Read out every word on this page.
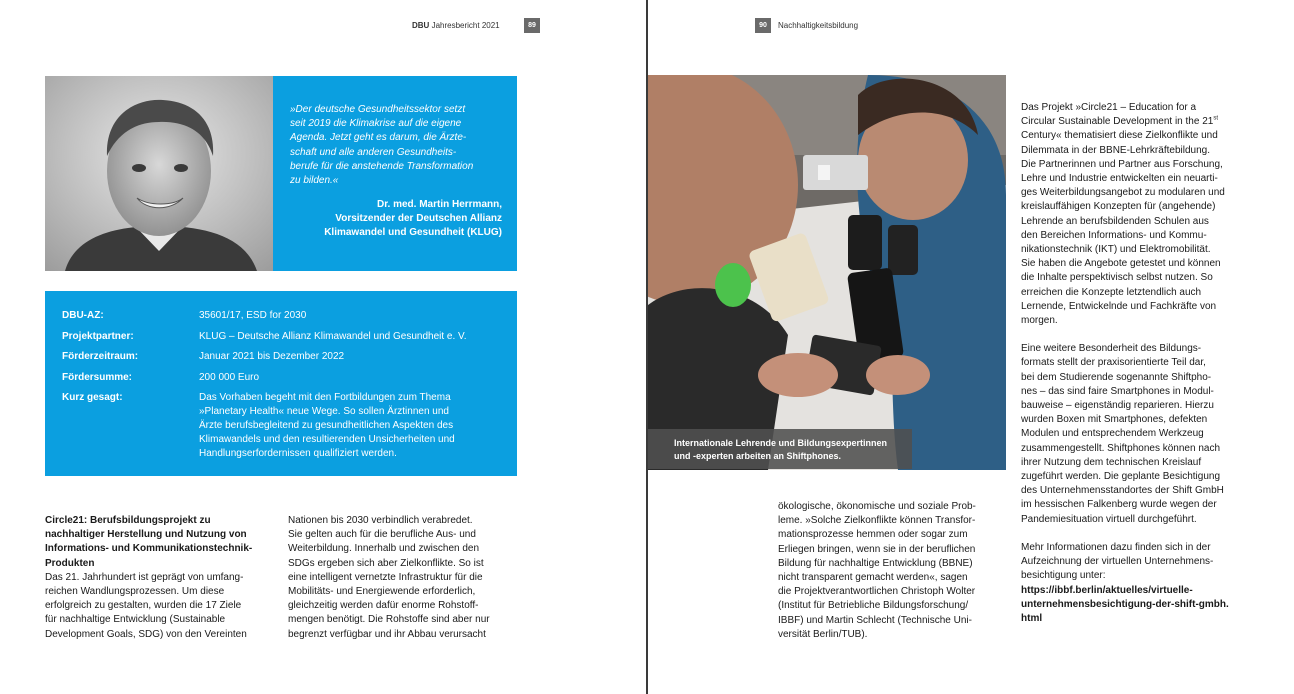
DBU Jahresbericht 2021	89	90	Nachhaltigkeitsbildung
»Der deutsche Gesundheitssektor setzt
seit 2019 die Klimakrise auf die eigene
Agenda. Jetzt geht es darum, die Ärzte-
schaft und alle anderen Gesundheits-
berufe für die anstehende Transformation
zu bilden.«
Dr. med. Martin Herrmann,
Vorsitzender der Deutschen Allianz
Klimawandel und Gesundheit (KLUG)
DBU-AZ:	35601/17, ESD for 2030
Projektpartner:	KLUG – Deutsche Allianz Klimawandel und Gesundheit e. V.
Förderzeitraum:	Januar 2021 bis Dezember 2022
Fördersumme:	200 000 Euro
Kurz gesagt:	Das Vorhaben begeht mit den Fortbildungen zum Thema
»Planetary Health« neue Wege. So sollen Ärztinnen und
Ärzte berufsbegleitend zu gesundheitlichen Aspekten des
Klimawandels und den resultierenden Unsicherheiten und
Handlungserfordernissen qualifiziert werden.
Circle21: Berufsbildungsprojekt zu
nachhaltiger Herstellung und Nutzung von
Informations- und Kommunikationstechnik-
Produkten
Das 21. Jahrhundert ist geprägt von umfang-
reichen Wandlungsprozessen. Um diese
erfolgreich zu gestalten, wurden die 17 Ziele
für nachhaltige Entwicklung (Sustainable
Development Goals, SDG) von den Vereinten
Nationen bis 2030 verbindlich verabredet.
Sie gelten auch für die berufliche Aus- und
Weiterbildung. Innerhalb und zwischen den
SDGs ergeben sich aber Zielkonflikte. So ist
eine intelligent vernetzte Infrastruktur für die
Mobilitäts- und Energiewende erforderlich,
gleichzeitig werden dafür enorme Rohstoff-
mengen benötigt. Die Rohstoffe sind aber nur
begrenzt verfügbar und ihr Abbau verursacht
Internationale Lehrende und Bildungsexpertinnen
und -experten arbeiten an Shiftphones.
ökologische, ökonomische und soziale Prob-
leme. »Solche Zielkonflikte können Transfor-
mationsprozesse hemmen oder sogar zum
Erliegen bringen, wenn sie in der beruflichen
Bildung für nachhaltige Entwicklung (BBNE)
nicht transparent gemacht werden«, sagen
die Projektverantwortlichen Christoph Wolter
(Institut für Betriebliche Bildungsforschung/
IBBF) und Martin Schlecht (Technische Uni-
versität Berlin/TUB).
Das Projekt »Circle21 – Education for a
Circular Sustainable Development in the 21st
Century« thematisiert diese Zielkonflikte und
Dilemmata in der BBNE-Lehrkräftebildung.
Die Partnerinnen und Partner aus Forschung,
Lehre und Industrie entwickelten ein neuarti-
ges Weiterbildungsangebot zu modularen und
kreislauffähigen Konzepten für (angehende)
Lehrende an berufsbildenden Schulen aus
den Bereichen Informations- und Kommu-
nikationstechnik (IKT) und Elektromobilität.
Sie haben die Angebote getestet und können
die Inhalte perspektivisch selbst nutzen. So
erreichen die Konzepte letztendlich auch
Lernende, Entwickelnde und Fachkräfte von
morgen.
Eine weitere Besonderheit des Bildungs-
formats stellt der praxisorientierte Teil dar,
bei dem Studierende sogenannte Shiftpho-
nes – das sind faire Smartphones in Modul-
bauweise – eigenständig reparieren. Hierzu
wurden Boxen mit Smartphones, defekten
Modulen und entsprechendem Werkzeug
zusammengestellt. Shiftphones können nach
ihrer Nutzung dem technischen Kreislauf
zugeführt werden. Die geplante Besichtigung
des Unternehmensstandortes der Shift GmbH
im hessischen Falkenberg wurde wegen der
Pandemiesituation virtuell durchgeführt.
Mehr Informationen dazu finden sich in der
Aufzeichnung der virtuellen Unternehmens-
besichtigung unter:
https://ibbf.berlin/aktuelles/virtuelle-
unternehmensbesichtigung-der-shift-gmbh.
html
